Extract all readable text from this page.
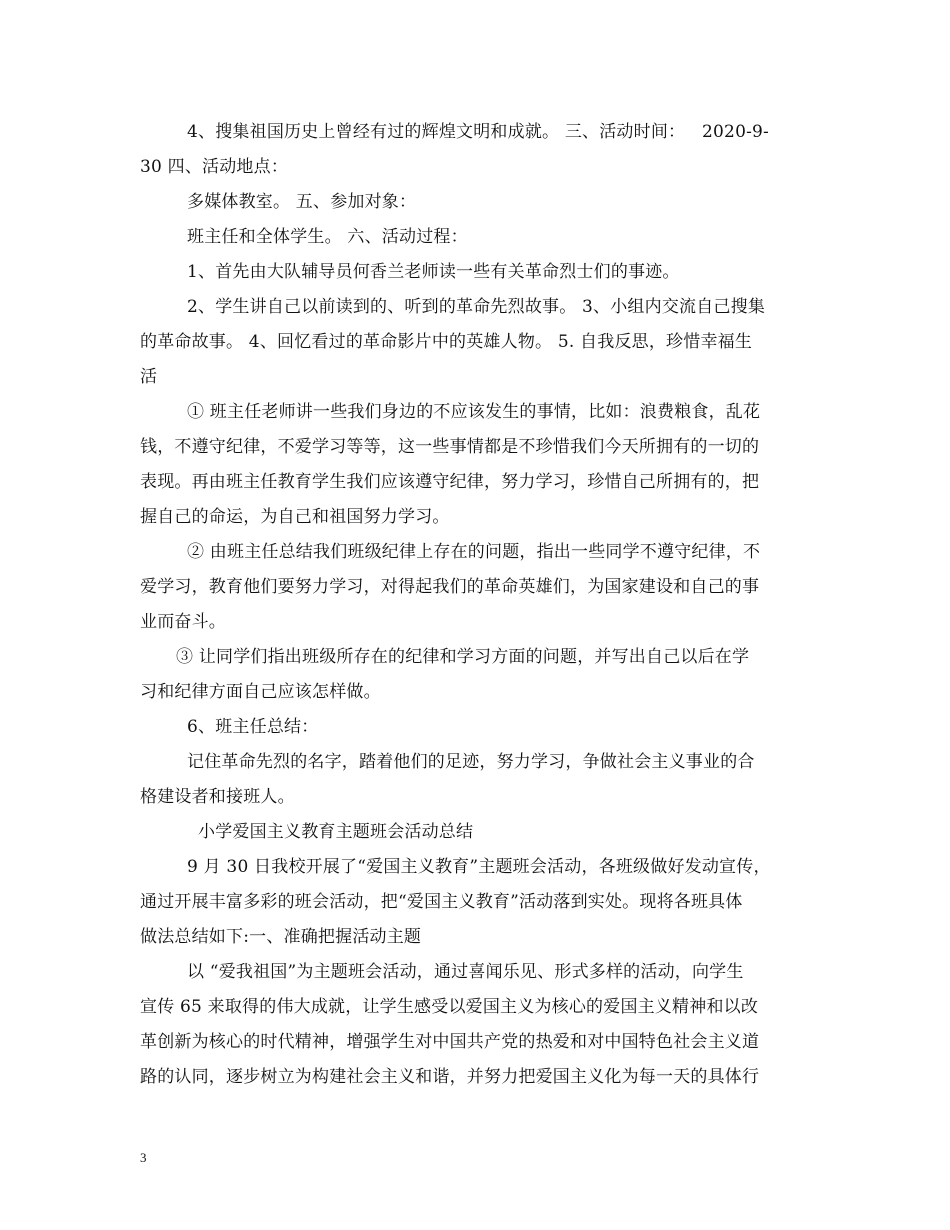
4、搜集祖国历史上曾经有过的辉煌文明和成就。 三、活动时间：   2020-9-
30 四、活动地点：
多媒体教室。 五、参加对象：
班主任和全体学生。 六、活动过程：
1、首先由大队辅导员何香兰老师读一些有关革命烈士们的事迹。
2、学生讲自己以前读到的、听到的革命先烈故事。 3、小组内交流自己搜集
的革命故事。 4、回忆看过的革命影片中的英雄人物。 5. 自我反思，珍惜幸福生
活
① 班主任老师讲一些我们身边的不应该发生的事情，比如：浪费粮食，乱花
钱，不遵守纪律，不爱学习等等，这一些事情都是不珍惜我们今天所拥有的一切的
表现。再由班主任教育学生我们应该遵守纪律，努力学习，珍惜自己所拥有的，把
握自己的命运，为自己和祖国努力学习。
② 由班主任总结我们班级纪律上存在的问题，指出一些同学不遵守纪律，不
爱学习，教育他们要努力学习，对得起我们的革命英雄们，为国家建设和自己的事
业而奋斗。
③ 让同学们指出班级所存在的纪律和学习方面的问题，并写出自己以后在学
习和纪律方面自己应该怎样做。
6、班主任总结：
记住革命先烈的名字，踏着他们的足迹，努力学习，争做社会主义事业的合
格建设者和接班人。
小学爱国主义教育主题班会活动总结
9 月 30 日我校开展了“爱国主义教育”主题班会活动，各班级做好发动宣传，
通过开展丰富多彩的班会活动，把“爱国主义教育”活动落到实处。现将各班具体
做法总结如下:一、准确把握活动主题
以 “爱我祖国”为主题班会活动，通过喜闻乐见、形式多样的活动，向学生
宣传 65 来取得的伟大成就，让学生感受以爱国主义为核心的爱国主义精神和以改
革创新为核心的时代精神，增强学生对中国共产党的热爱和对中国特色社会主义道
路的认同，逐步树立为构建社会主义和谐，并努力把爱国主义化为每一天的具体行
3
